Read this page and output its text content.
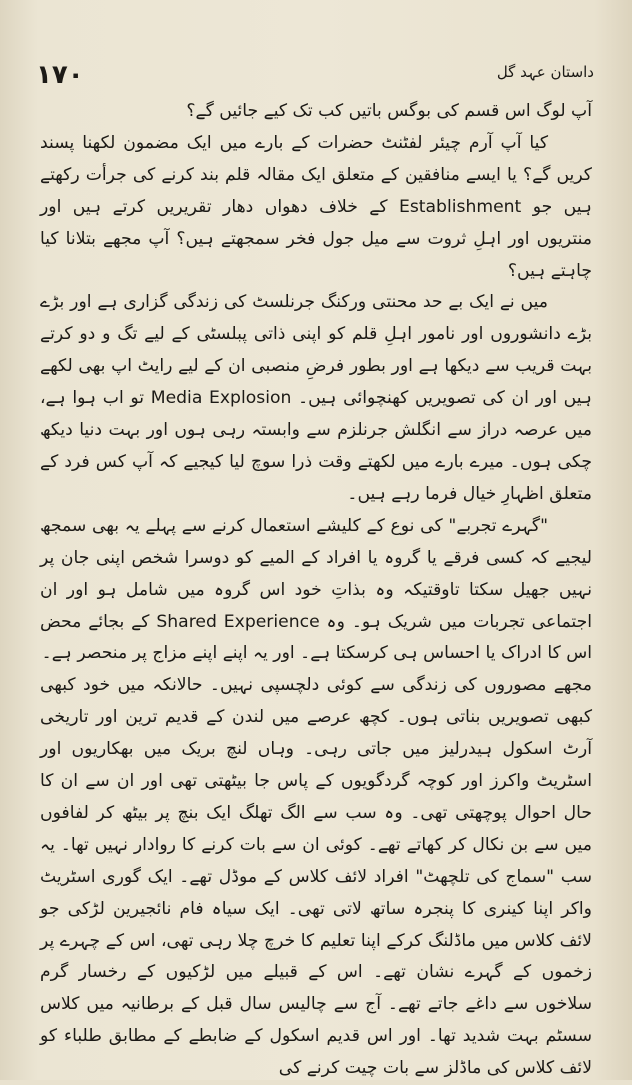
۱۷۰	داستان عہد گل

آپ لوگ اس قسم کی بوگس باتیں کب تک کیے جائیں گے؟

کیا آپ آرم چیئر لفٹنٹ حضرات کے بارے میں ایک مضمون لکھنا پسند کریں گے؟ یا ایسے منافقین کے متعلق ایک مقالہ قلم بند کرنے کی جرأت رکھتے ہیں جو Establishment کے خلاف دھواں دھار تقریریں کرتے ہیں اور منتریوں اور اہلِ ثروت سے میل جول فخر سمجھتے ہیں؟ آپ مجھے بتلانا کیا چاہتے ہیں؟

میں نے ایک بے حد محنتی ورکنگ جرنلسٹ کی زندگی گزاری ہے اور بڑے بڑے دانشوروں اور نامور اہلِ قلم کو اپنی ذاتی پبلسٹی کے لیے تگ و دو کرتے بہت قریب سے دیکھا ہے اور بطور فرضِ منصبی ان کے لیے رایٹ اپ بھی لکھے ہیں اور ان کی تصویریں کھنچوائی ہیں۔ Media Explosion تو اب ہوا ہے، میں عرصہ دراز سے انگلش جرنلزم سے وابستہ رہی ہوں اور بہت دنیا دیکھ چکی ہوں۔ میرے بارے میں لکھتے وقت ذرا سوچ لیا کیجیے کہ آپ کس فرد کے متعلق اظہارِ خیال فرما رہے ہیں۔

"گہرے تجربے" کی نوع کے کلیشے استعمال کرنے سے پہلے یہ بھی سمجھ لیجیے کہ کسی فرقے یا گروہ یا افراد کے المیے کو دوسرا شخص اپنی جان پر نہیں جھیل سکتا تاوقتیکہ وہ بذاتِ خود اس گروہ میں شامل ہو اور ان اجتماعی تجربات میں شریک ہو۔ وہ Shared Experience کے بجائے محض اس کا ادراک یا احساس ہی کرسکتا ہے۔ اور یہ اپنے اپنے مزاج پر منحصر ہے۔

مجھے مصوروں کی زندگی سے کوئی دلچسپی نہیں۔ حالانکہ میں خود کبھی کبھی تصویریں بناتی ہوں۔ کچھ عرصے میں لندن کے قدیم ترین اور تاریخی آرٹ اسکول ہیدرلیز میں جاتی رہی۔ وہاں لنچ بریک میں بھکاریوں اور اسٹریٹ واکرز اور کوچہ گردگویوں کے پاس جا بیٹھتی تھی اور ان سے ان کا حال احوال پوچھتی تھی۔ وہ سب سے الگ تھلگ ایک بنچ پر بیٹھ کر لفافوں میں سے بن نکال کر کھاتے تھے۔ کوئی ان سے بات کرنے کا روادار نہیں تھا۔ یہ سب "سماج کی تلچھٹ" افراد لائف کلاس کے موڈل تھے۔ ایک گوری اسٹریٹ واکر اپنا کینری کا پنجرہ ساتھ لاتی تھی۔ ایک سیاہ فام نائجیرین لڑکی جو لائف کلاس میں ماڈلنگ کرکے اپنا تعلیم کا خرچ چلا رہی تھی، اس کے چہرے پر زخموں کے گہرے نشان تھے۔ اس کے قبیلے میں لڑکیوں کے رخسار گرم سلاخوں سے داغے جاتے تھے۔ آج سے چالیس سال قبل کے برطانیہ میں کلاس سسٹم بہت شدید تھا۔ اور اس قدیم اسکول کے ضابطے کے مطابق طلباء کو لائف کلاس کی ماڈلز سے بات چیت کرنے کی
